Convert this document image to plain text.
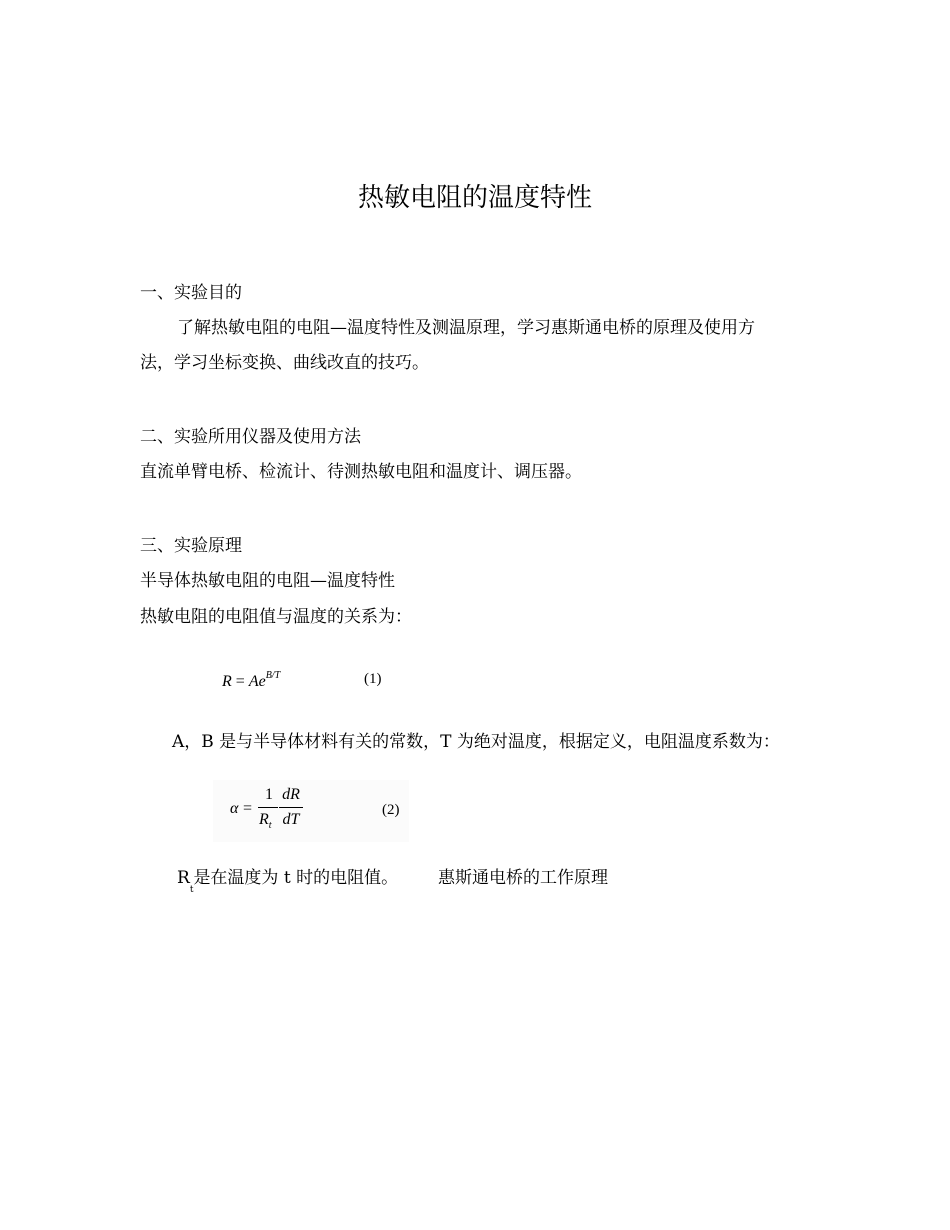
热敏电阻的温度特性
一、实验目的
了解热敏电阻的电阻—温度特性及测温原理，学习惠斯通电桥的原理及使用方
法，学习坐标变换、曲线改直的技巧。
二、实验所用仪器及使用方法
直流单臂电桥、检流计、待测热敏电阻和温度计、调压器。
三、实验原理
半导体热敏电阻的电阻—温度特性
热敏电阻的电阻值与温度的关系为：
$R = Ae^{B/T}$	(1)
A，B 是与半导体材料有关的常数，T 为绝对温度，根据定义，电阻温度系数为：
α =
1
$R_t$
dR
dT
(2)
$R_t$是在温度为 t 时的电阻值。 惠斯通电桥的工作原理
